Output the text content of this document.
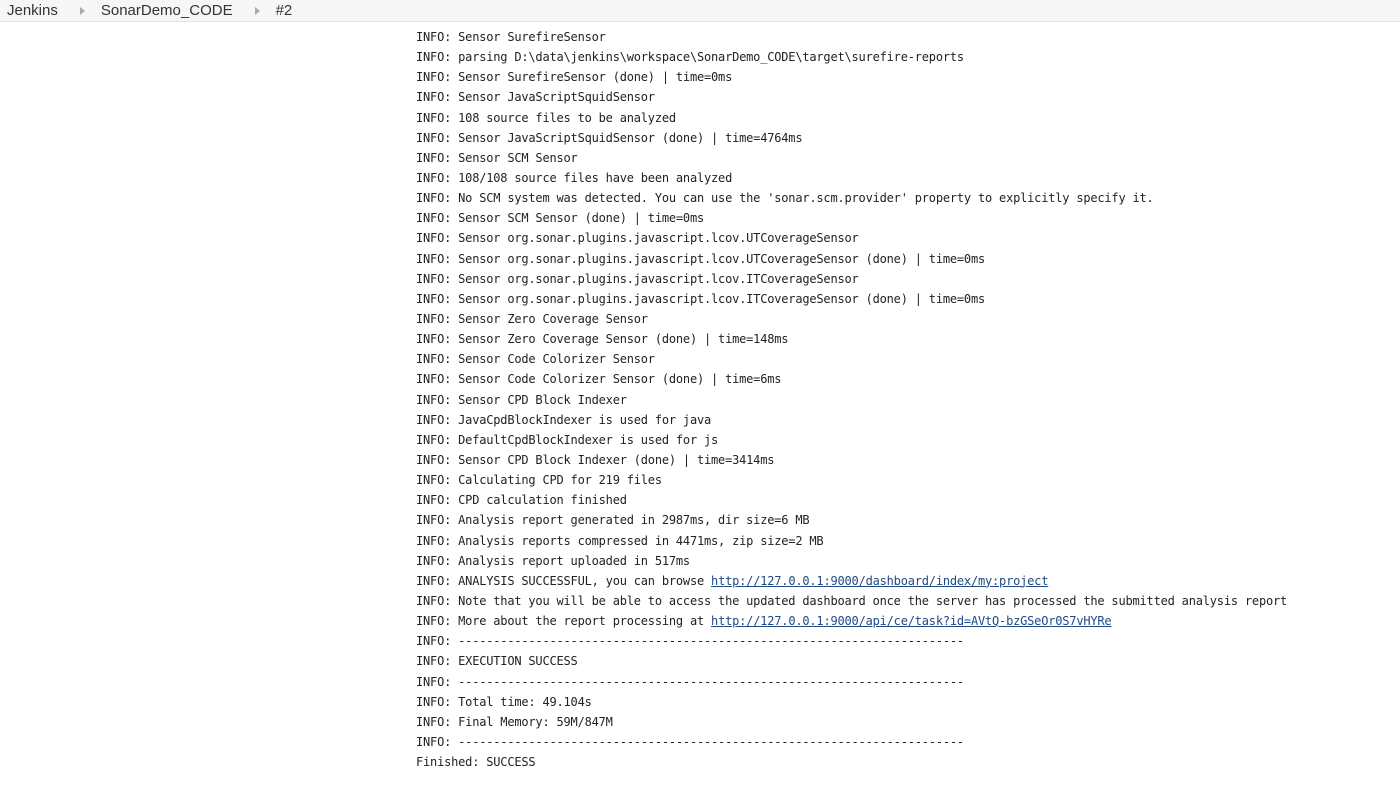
Jenkins	SonarDemo_CODE	#2
INFO: Sensor SurefireSensor
INFO: parsing D:\data\jenkins\workspace\SonarDemo_CODE\target\surefire-reports
INFO: Sensor SurefireSensor (done) | time=0ms
INFO: Sensor JavaScriptSquidSensor
INFO: 108 source files to be analyzed
INFO: Sensor JavaScriptSquidSensor (done) | time=4764ms
INFO: Sensor SCM Sensor
INFO: 108/108 source files have been analyzed
INFO: No SCM system was detected. You can use the 'sonar.scm.provider' property to explicitly specify it.
INFO: Sensor SCM Sensor (done) | time=0ms
INFO: Sensor org.sonar.plugins.javascript.lcov.UTCoverageSensor
INFO: Sensor org.sonar.plugins.javascript.lcov.UTCoverageSensor (done) | time=0ms
INFO: Sensor org.sonar.plugins.javascript.lcov.ITCoverageSensor
INFO: Sensor org.sonar.plugins.javascript.lcov.ITCoverageSensor (done) | time=0ms
INFO: Sensor Zero Coverage Sensor
INFO: Sensor Zero Coverage Sensor (done) | time=148ms
INFO: Sensor Code Colorizer Sensor
INFO: Sensor Code Colorizer Sensor (done) | time=6ms
INFO: Sensor CPD Block Indexer
INFO: JavaCpdBlockIndexer is used for java
INFO: DefaultCpdBlockIndexer is used for js
INFO: Sensor CPD Block Indexer (done) | time=3414ms
INFO: Calculating CPD for 219 files
INFO: CPD calculation finished
INFO: Analysis report generated in 2987ms, dir size=6 MB
INFO: Analysis reports compressed in 4471ms, zip size=2 MB
INFO: Analysis report uploaded in 517ms
INFO: ANALYSIS SUCCESSFUL, you can browse http://127.0.0.1:9000/dashboard/index/my:project
INFO: Note that you will be able to access the updated dashboard once the server has processed the submitted analysis report
INFO: More about the report processing at http://127.0.0.1:9000/api/ce/task?id=AVtQ-bzGSeOr0S7vHYRe
INFO: ------------------------------------------------------------------------
INFO: EXECUTION SUCCESS
INFO: ------------------------------------------------------------------------
INFO: Total time: 49.104s
INFO: Final Memory: 59M/847M
INFO: ------------------------------------------------------------------------
Finished: SUCCESS
